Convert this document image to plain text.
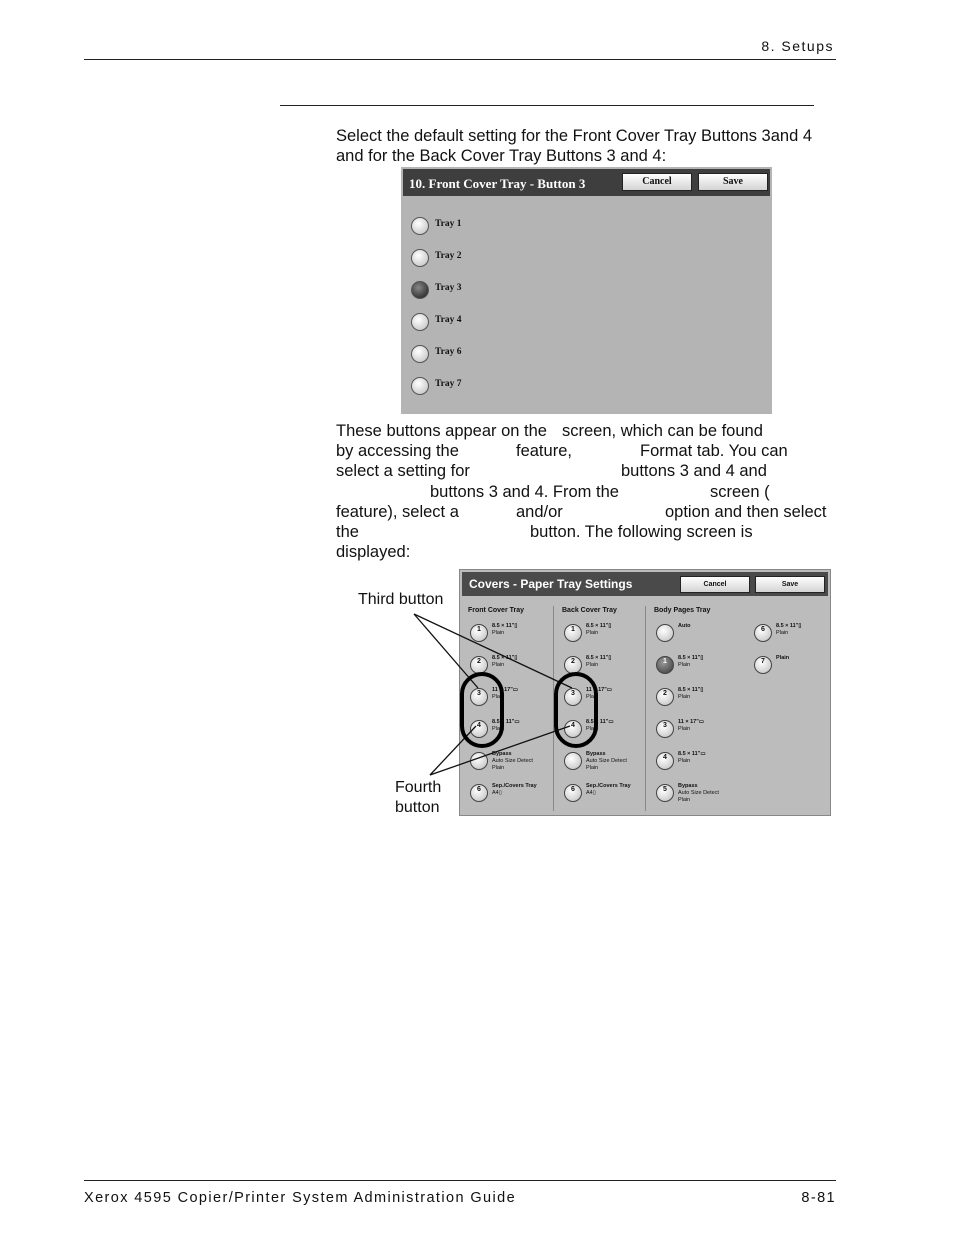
8. Setups
Select the default setting for the Front Cover Tray Buttons 3and 4 and for the Back Cover Tray Buttons 3 and 4:
10. Front Cover Tray - Button 3	Cancel	Save
Tray 1
Tray 2
Tray 3
Tray 4
Tray 6
Tray 7
These buttons appear on the screen, which can be found
by accessing the	feature,	Format tab. You can
select a setting for	buttons 3 and 4 and
buttons 3 and 4. From the	screen (
feature), select a	and/or	option and then select
the	button. The following screen is
displayed:
Covers - Paper Tray Settings	Cancel	Save
Front Cover Tray	Back Cover Tray	Body Pages Tray
1	8.5 × 11"▯
Plain
2	8.5 × 11"▯
Plain
3	11 × 17"▭
Plain
4	8.5 × 11"▭
Plain
Bypass
Auto Size Detect
Plain
6	Sep./Covers Tray
A4▯
1	8.5 × 11"▯
Plain
2	8.5 × 11"▯
Plain
3	11 × 17"▭
Plain
4	8.5 × 11"▭
Plain
Bypass
Auto Size Detect
Plain
6	Sep./Covers Tray
A4▯
Auto
1	8.5 × 11"▯
Plain
2	8.5 × 11"▯
Plain
3	11 × 17"▭
Plain
4	8.5 × 11"▭
Plain
5	Bypass
Auto Size Detect
Plain
6	8.5 × 11"▯
Plain
7	Plain
Third button
Fourth
button
Xerox 4595 Copier/Printer System Administration Guide	8-81
